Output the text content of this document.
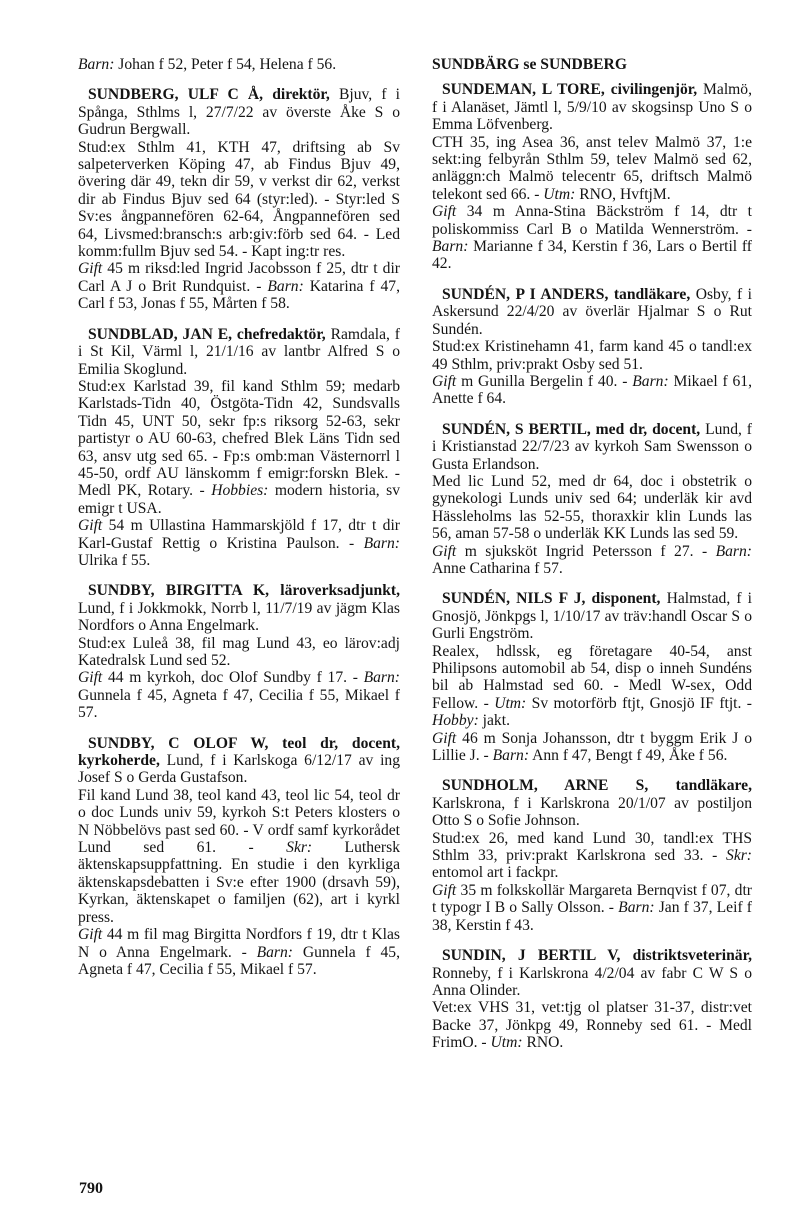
Barn: Johan f 52, Peter f 54, Helena f 56.

SUNDBERG, ULF C Å, direktör, Bjuv, f i Spånga, Sthlms l, 27/7/22 av överste Åke S o Gudrun Bergwall.

Stud:ex Sthlm 41, KTH 47, driftsing ab Sv salpeterverken Köping 47, ab Findus Bjuv 49, övering där 49, tekn dir 59, v verkst dir 62, verkst dir ab Findus Bjuv sed 64 (styr:led). - Styr:led S Sv:es ångpannefören 62-64, Ångpannefören sed 64, Livsmed:bransch:s arb:giv:förb sed 64. - Led komm:fullm Bjuv sed 54. - Kapt ing:tr res.

Gift 45 m riksd:led Ingrid Jacobsson f 25, dtr t dir Carl A J o Brit Rundquist. - Barn: Katarina f 47, Carl f 53, Jonas f 55, Mårten f 58.

SUNDBLAD, JAN E, chefredaktör, Ramdala, f i St Kil, Värml l, 21/1/16 av lantbr Alfred S o Emilia Skoglund.

Stud:ex Karlstad 39, fil kand Sthlm 59; medarb Karlstads-Tidn 40, Östgöta-Tidn 42, Sundsvalls Tidn 45, UNT 50, sekr fp:s riksorg 52-63, sekr partistyr o AU 60-63, chefred Blek Läns Tidn sed 63, ansv utg sed 65. - Fp:s omb:man Västernorrl l 45-50, ordf AU länskomm f emigr:forskn Blek. - Medl PK, Rotary. - Hobbies: modern historia, sv emigr t USA.

Gift 54 m Ullastina Hammarskjöld f 17, dtr t dir Karl-Gustaf Rettig o Kristina Paulson. - Barn: Ulrika f 55.

SUNDBY, BIRGITTA K, läroverksadjunkt, Lund, f i Jokkmokk, Norrb l, 11/7/19 av jägm Klas Nordfors o Anna Engelmark.

Stud:ex Luleå 38, fil mag Lund 43, eo lärov:adj Katedralsk Lund sed 52.

Gift 44 m kyrkoh, doc Olof Sundby f 17. - Barn: Gunnela f 45, Agneta f 47, Cecilia f 55, Mikael f 57.

SUNDBY, C OLOF W, teol dr, docent, kyrkoherde, Lund, f i Karlskoga 6/12/17 av ing Josef S o Gerda Gustafson.

Fil kand Lund 38, teol kand 43, teol lic 54, teol dr o doc Lunds univ 59, kyrkoh S:t Peters klosters o N Nöbbelövs past sed 60. - V ordf samf kyrkorådet Lund sed 61. - Skr: Luthersk äktenskapsuppfattning. En studie i den kyrkliga äktenskapsdebatten i Sv:e efter 1900 (drsavh 59), Kyrkan, äktenskapet o familjen (62), art i kyrkl press.

Gift 44 m fil mag Birgitta Nordfors f 19, dtr t Klas N o Anna Engelmark. - Barn: Gunnela f 45, Agneta f 47, Cecilia f 55, Mikael f 57.

SUNDBÄRG se SUNDBERG

SUNDEMAN, L TORE, civilingenjör, Malmö, f i Alanäset, Jämtl l, 5/9/10 av skogsinsp Uno S o Emma Löfvenberg.

CTH 35, ing Asea 36, anst telev Malmö 37, 1:e sekt:ing felbyrån Sthlm 59, telev Malmö sed 62, anläggn:ch Malmö telecentr 65, driftsch Malmö telekont sed 66. - Utm: RNO, HvftjM.

Gift 34 m Anna-Stina Bäckström f 14, dtr t poliskommiss Carl B o Matilda Wennerström. - Barn: Marianne f 34, Kerstin f 36, Lars o Bertil ff 42.

SUNDÉN, P I ANDERS, tandläkare, Osby, f i Askersund 22/4/20 av överlär Hjalmar S o Rut Sundén.

Stud:ex Kristinehamn 41, farm kand 45 o tandl:ex 49 Sthlm, priv:prakt Osby sed 51.

Gift m Gunilla Bergelin f 40. - Barn: Mikael f 61, Anette f 64.

SUNDÉN, S BERTIL, med dr, docent, Lund, f i Kristianstad 22/7/23 av kyrkoh Sam Swensson o Gusta Erlandson.

Med lic Lund 52, med dr 64, doc i obstetrik o gynekologi Lunds univ sed 64; underläk kir avd Hässleholms las 52-55, thoraxkir klin Lunds las 56, aman 57-58 o underläk KK Lunds las sed 59.

Gift m sjuksköt Ingrid Petersson f 27. - Barn: Anne Catharina f 57.

SUNDÉN, NILS F J, disponent, Halmstad, f i Gnosjö, Jönkpgs l, 1/10/17 av träv:handl Oscar S o Gurli Engström.

Realex, hdlssk, eg företagare 40-54, anst Philipsons automobil ab 54, disp o inneh Sundéns bil ab Halmstad sed 60. - Medl W-sex, Odd Fellow. - Utm: Sv motorförb ftjt, Gnosjö IF ftjt. - Hobby: jakt.

Gift 46 m Sonja Johansson, dtr t byggm Erik J o Lillie J. - Barn: Ann f 47, Bengt f 49, Åke f 56.

SUNDHOLM, ARNE S, tandläkare, Karlskrona, f i Karlskrona 20/1/07 av postiljon Otto S o Sofie Johnson.

Stud:ex 26, med kand Lund 30, tandl:ex THS Sthlm 33, priv:prakt Karlskrona sed 33. - Skr: entomol art i fackpr.

Gift 35 m folkskollär Margareta Bernqvist f 07, dtr t typogr I B o Sally Olsson. - Barn: Jan f 37, Leif f 38, Kerstin f 43.

SUNDIN, J BERTIL V, distriktsveterinär, Ronneby, f i Karlskrona 4/2/04 av fabr C W S o Anna Olinder.

Vet:ex VHS 31, vet:tjg ol platser 31-37, distr:vet Backe 37, Jönkpg 49, Ronneby sed 61. - Medl FrimO. - Utm: RNO.

790
